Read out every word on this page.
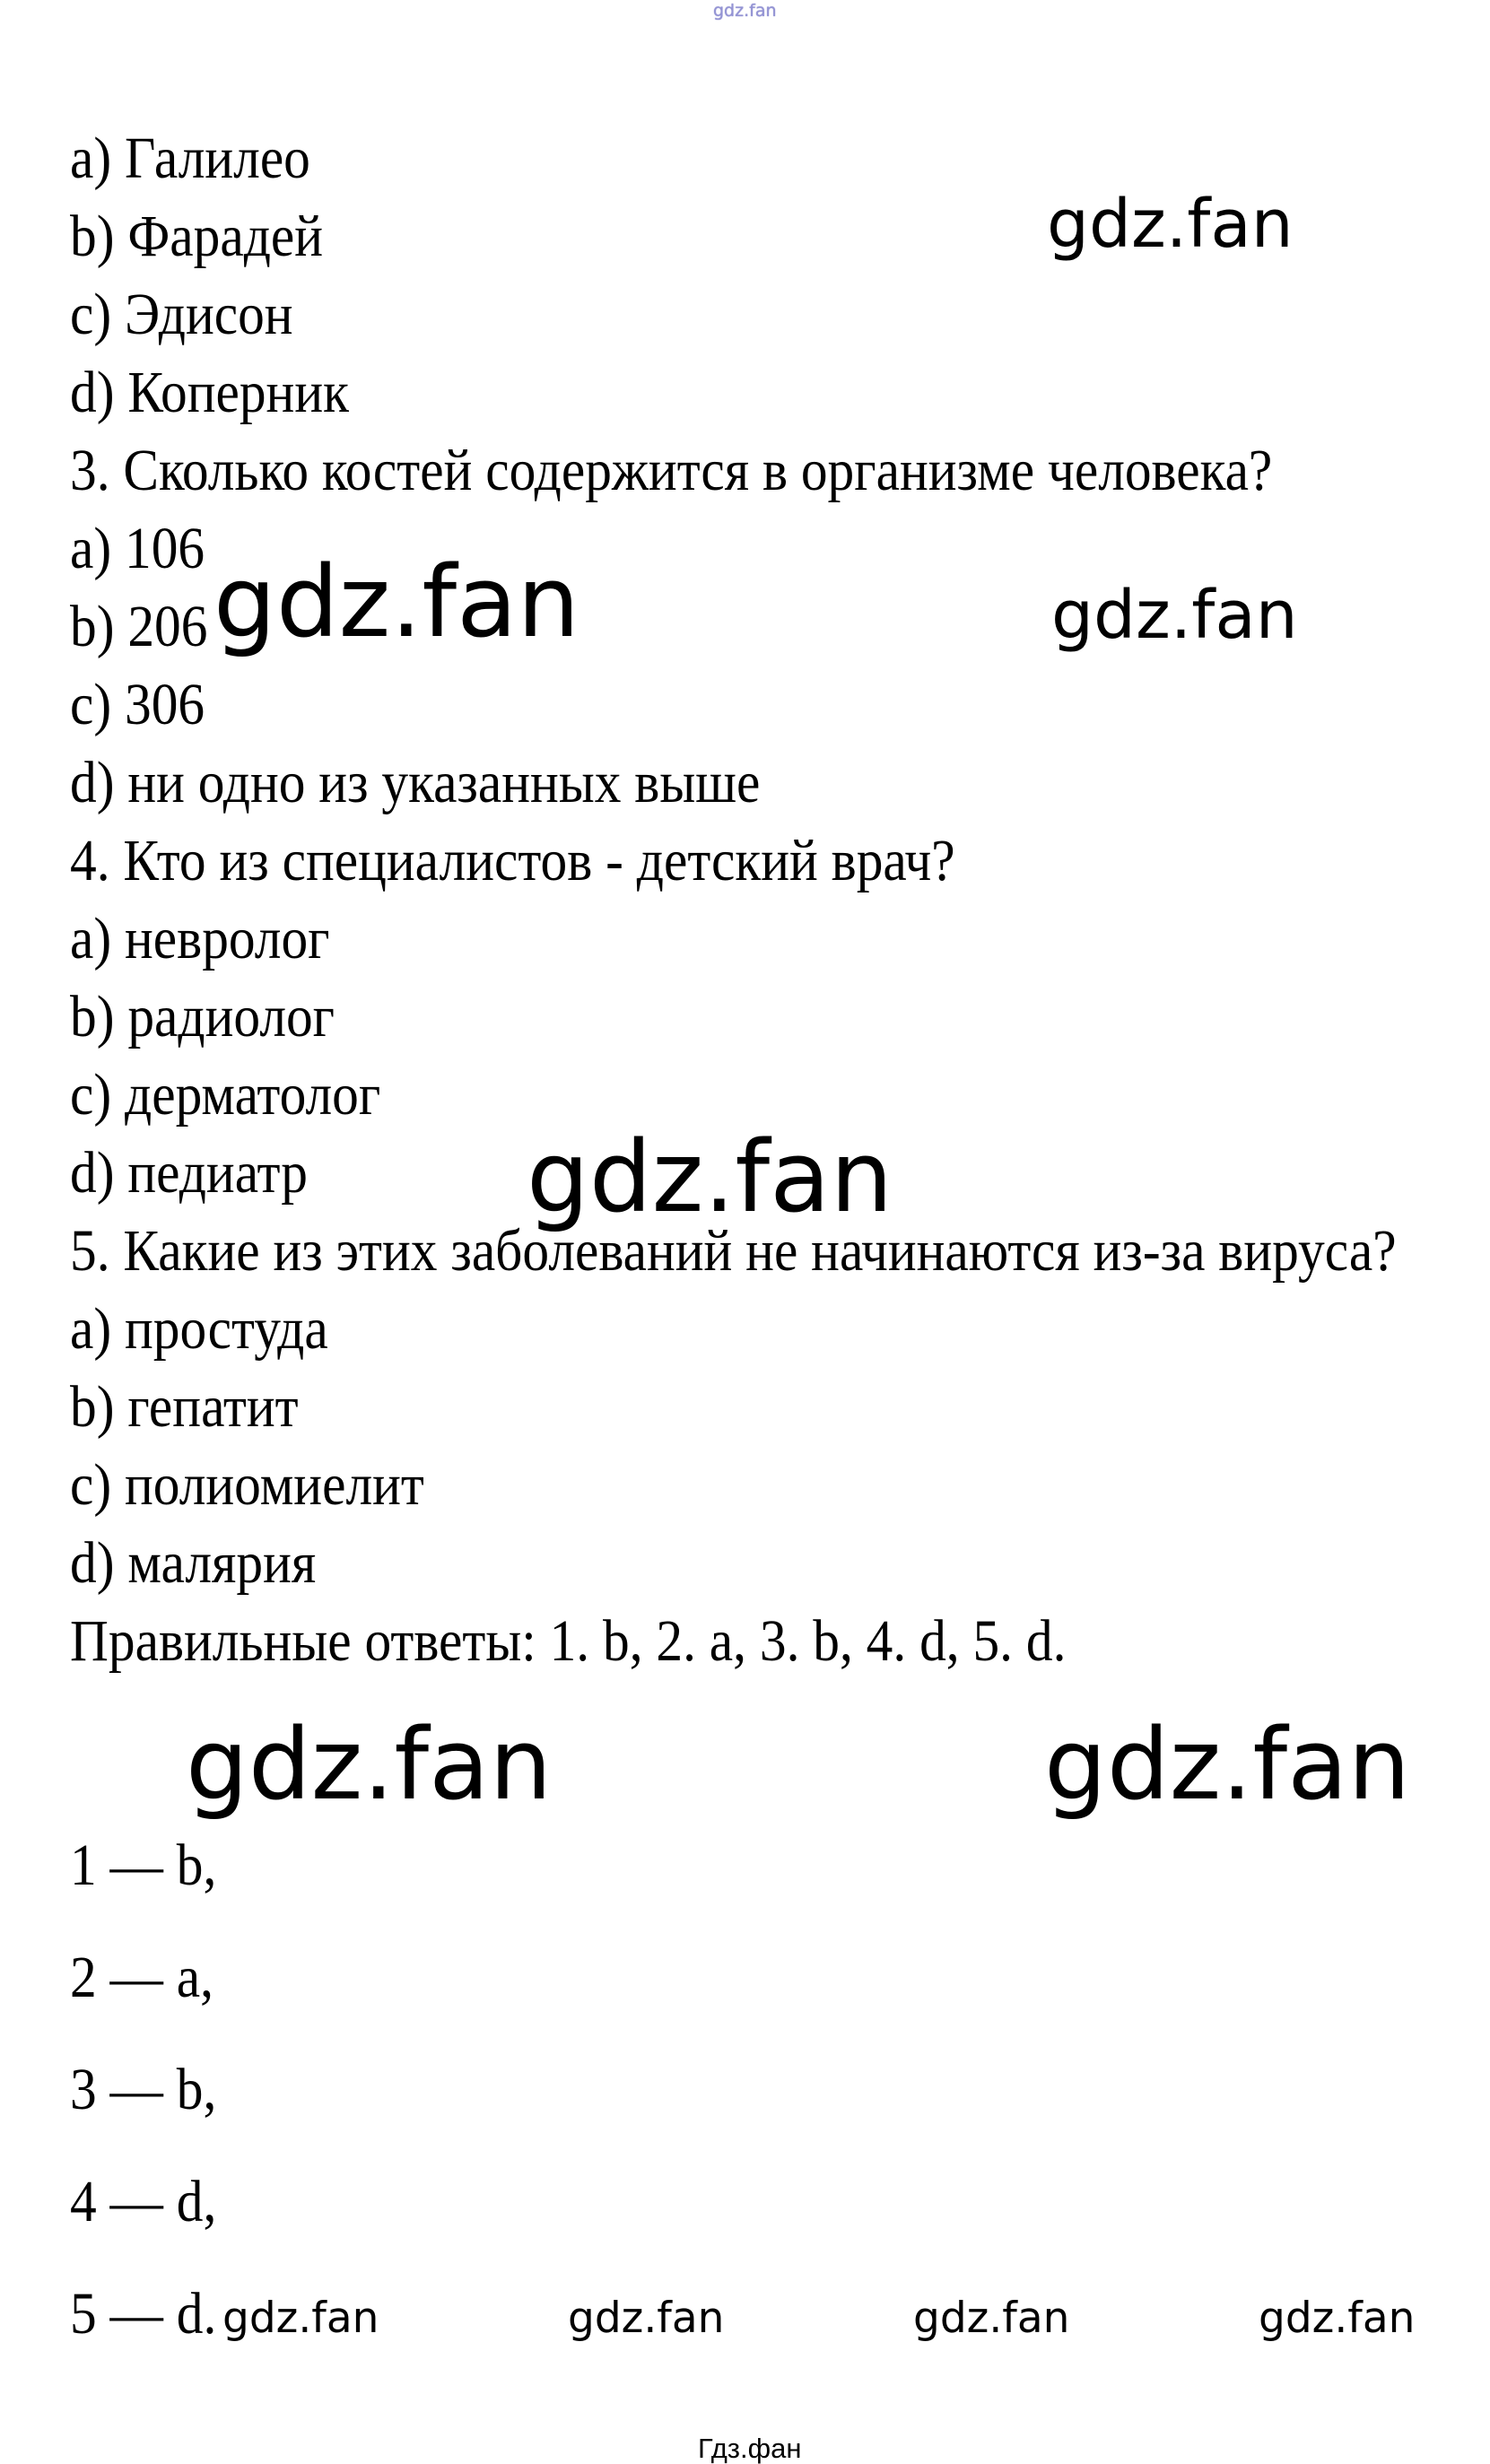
gdz.fan
a) Галилео
b) Фарадей
c) Эдисон
d) Коперник
3. Сколько костей содержится в организме человека?
a) 106
b) 206
c) 306
d) ни одно из указанных выше
4. Кто из специалистов - детский врач?
a) невролог
b) радиолог
c) дерматолог
d) педиатр
5. Какие из этих заболеваний не начинаются из-за вируса?
a) простуда
b) гепатит
c) полиомиелит
d) малярия
Правильные ответы: 1. b, 2. a, 3. b, 4. d, 5. d.
gdz.fan
gdz.fan	gdz.fan
gdz.fan
gdz.fan	gdz.fan
1 — b,
2 — a,
3 — b,
4 — d,
5 — d. gdz.fan	gdz.fan	gdz.fan	gdz.fan
Гдз.фан
